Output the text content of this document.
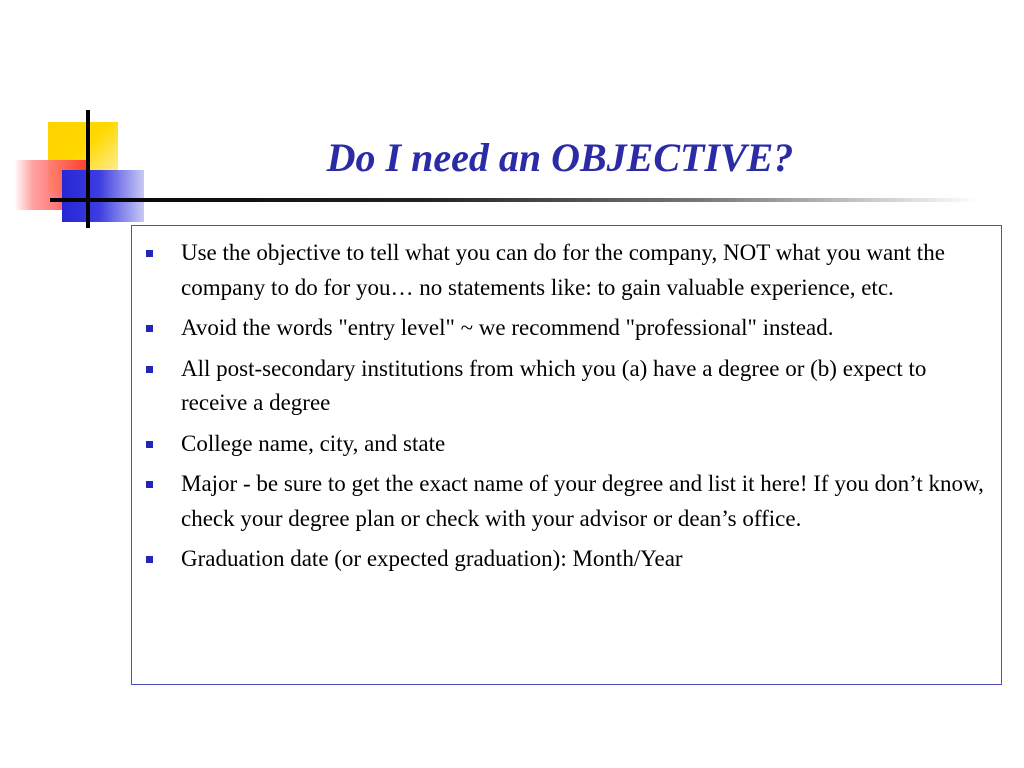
Do I need an OBJECTIVE?
Use the objective to tell what you can do for the company, NOT what you want the company to do for you… no statements like: to gain valuable experience, etc.
Avoid the words "entry level" ~ we recommend "professional" instead.
All post-secondary institutions from which you (a) have a degree or (b) expect to receive a degree
College name, city, and state
Major - be sure to get the exact name of your degree and list it here! If you don’t know, check your degree plan or check with your advisor or dean’s office.
Graduation date (or expected graduation): Month/Year
